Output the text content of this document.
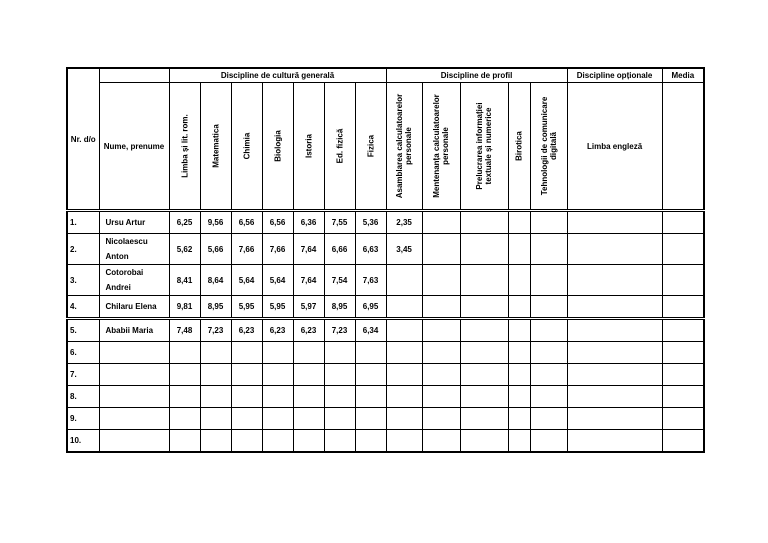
Nr. d/o		Discipline de cultură generală							Discipline de profil					Discipline opționale	Media
	Nume, prenume	Limba și lit. rom.	Matematica	Chimia	Biologia	Istoria	Ed. fizică	Fizica	Asamblarea calculatoarelor personale	Mentenanța calculatoarelor personale	Prelucrarea informației textuale și numerice	Birotica	Tehnologii de comunicare digitală	Limba engleză	
1.	Ursu Artur	6,25	9,56	6,56	6,56	6,36	7,55	5,36	2,35						
2.	Nicolaescu Anton	5,62	5,66	7,66	7,66	7,64	6,66	6,63	3,45						
3.	Cotorobai Andrei	8,41	8,64	5,64	5,64	7,64	7,54	7,63							
4.	Chilaru Elena	9,81	8,95	5,95	5,95	5,97	8,95	6,95							
5.	Ababii Maria	7,48	7,23	6,23	6,23	6,23	7,23	6,34							
6.															
7.															
8.															
9.															
10.															
